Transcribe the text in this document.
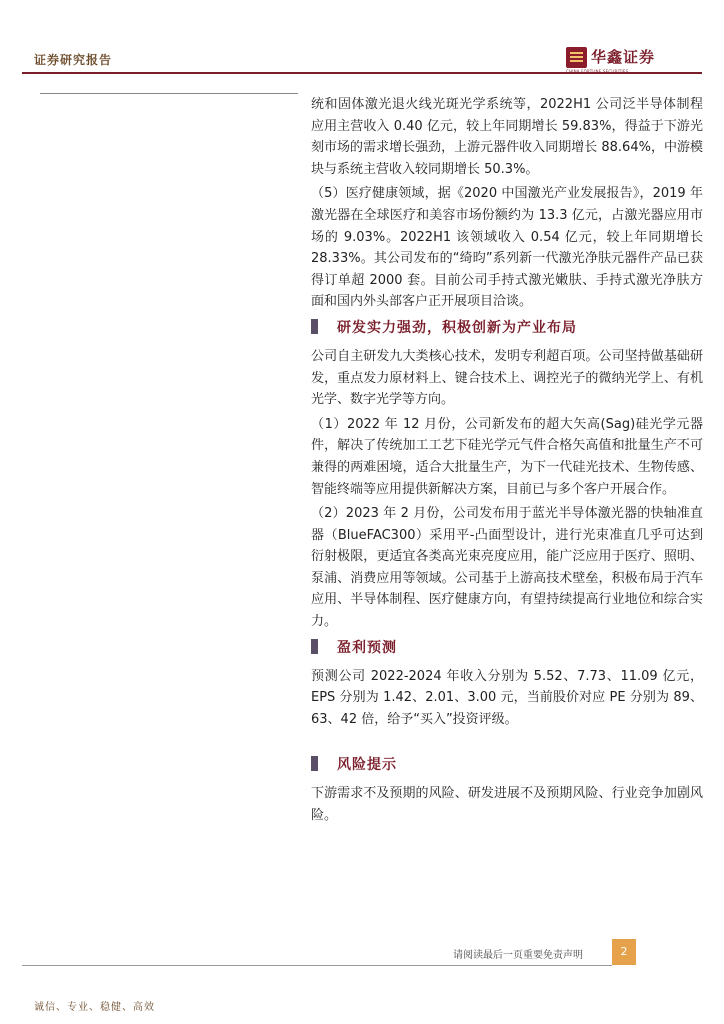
证券研究报告	华鑫证券

统和固体激光退火线光斑光学系统等，2022H1 公司泛半导体制程应用主营收入 0.40 亿元，较上年同期增长 59.83%，得益于下游光刻市场的需求增长强劲，上游元器件收入同期增长 88.64%，中游模块与系统主营收入较同期增长 50.3%。

（5）医疗健康领域，据《2020 中国激光产业发展报告》，2019 年激光器在全球医疗和美容市场份额约为 13.3 亿元，占激光器应用市场的 9.03%。2022H1 该领域收入 0.54 亿元，较上年同期增长 28.33%。其公司发布的“绮昀”系列新一代激光净肤元器件产品已获得订单超 2000 套。目前公司手持式激光嫩肤、手持式激光净肤方面和国内外头部客户正开展项目洽谈。

研发实力强劲，积极创新为产业布局

公司自主研发九大类核心技术，发明专利超百项。公司坚持做基础研发，重点发力原材料上、键合技术上、调控光子的微纳光学上、有机光学、数字光学等方向。

（1）2022 年 12 月份，公司新发布的超大矢高(Sag)硅光学元器件，解决了传统加工工艺下硅光学元气件合格矢高值和批量生产不可兼得的两难困境，适合大批量生产，为下一代硅光技术、生物传感、智能终端等应用提供新解决方案，目前已与多个客户开展合作。

（2）2023 年 2 月份，公司发布用于蓝光半导体激光器的快轴准直器（BlueFAC300）采用平-凸面型设计，进行光束准直几乎可达到衍射极限，更适宜各类高光束亮度应用，能广泛应用于医疗、照明、泵浦、消费应用等领域。公司基于上游高技术壁垒，积极布局于汽车应用、半导体制程、医疗健康方向，有望持续提高行业地位和综合实力。

盈利预测

预测公司 2022-2024 年收入分别为 5.52、7.73、11.09 亿元，EPS 分别为 1.42、2.01、3.00 元，当前股价对应 PE 分别为 89、63、42 倍，给予“买入”投资评级。

风险提示

下游需求不及预期的风险、研发进展不及预期风险、行业竞争加剧风险。

请阅读最后一页重要免责声明	2
诚信、专业、稳健、高效
